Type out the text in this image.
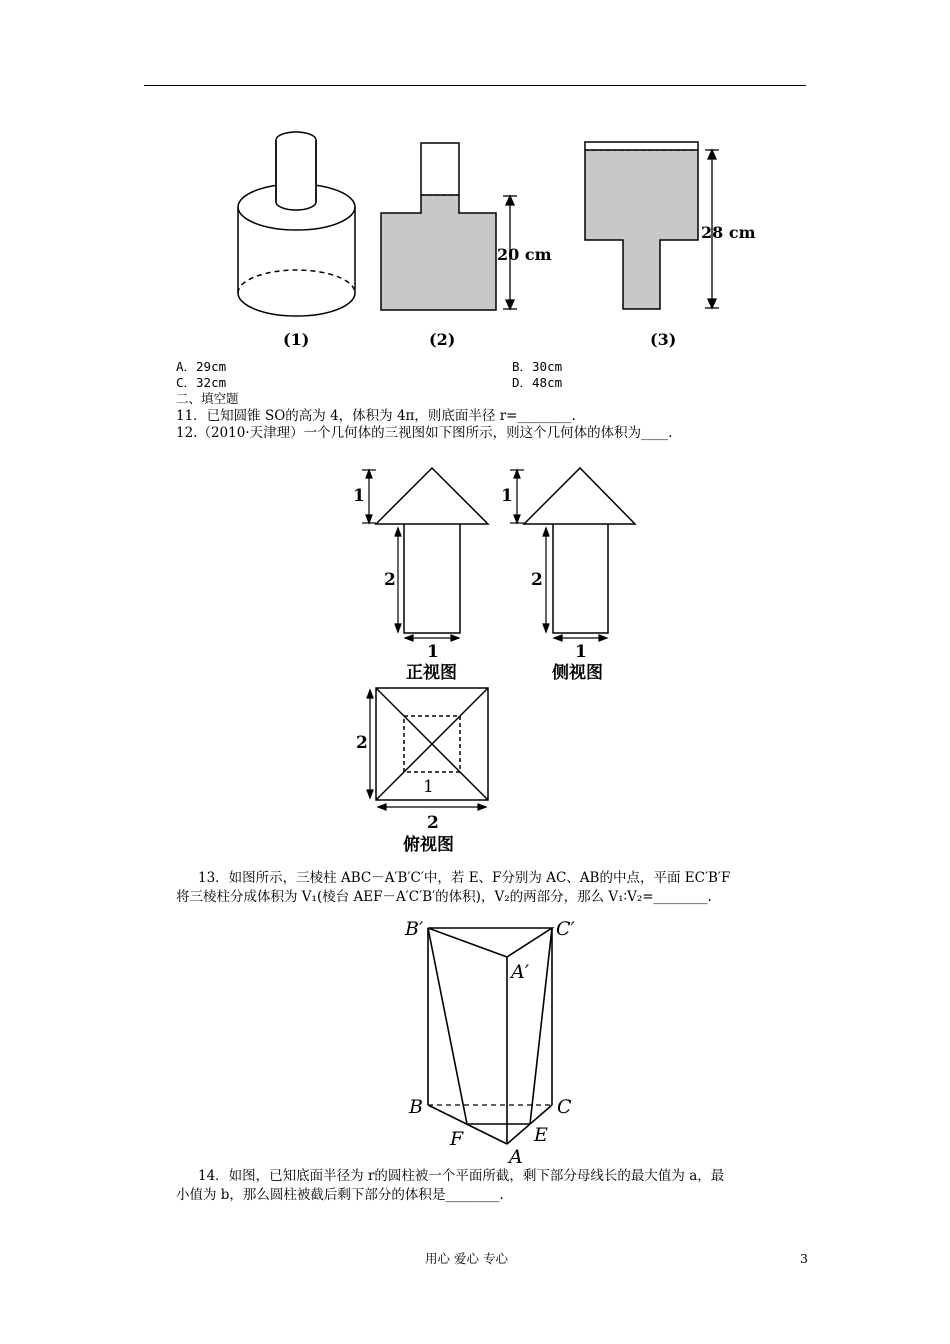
20 cm
28 cm
(1)	(2)	(3)
A．29cm	B．30cm
C．32cm	D．48cm
二、填空题
11．已知圆锥 SO的高为 4，体积为 4π，则底面半径 r=________.
12.（2010·天津理）一个几何体的三视图如下图所示，则这个几何体的体积为____.
1
2
1
1
2
1
2
1
2
正视图	侧视图
俯视图
13．如图所示，三棱柱 ABC－A′B′C′中，若 E、F分别为 AC、AB的中点，平面 EC′B′F
将三棱柱分成体积为 V₁(棱台 AEF－A′C′B′的体积)，V₂的两部分，那么 V₁∶V₂=________.
B′	C′
A′
B	C
F	E
A
14．如图，已知底面半径为 r的圆柱被一个平面所截，剩下部分母线长的最大值为 a，最
小值为 b，那么圆柱被截后剩下部分的体积是________.
用心 爱心 专心	3
